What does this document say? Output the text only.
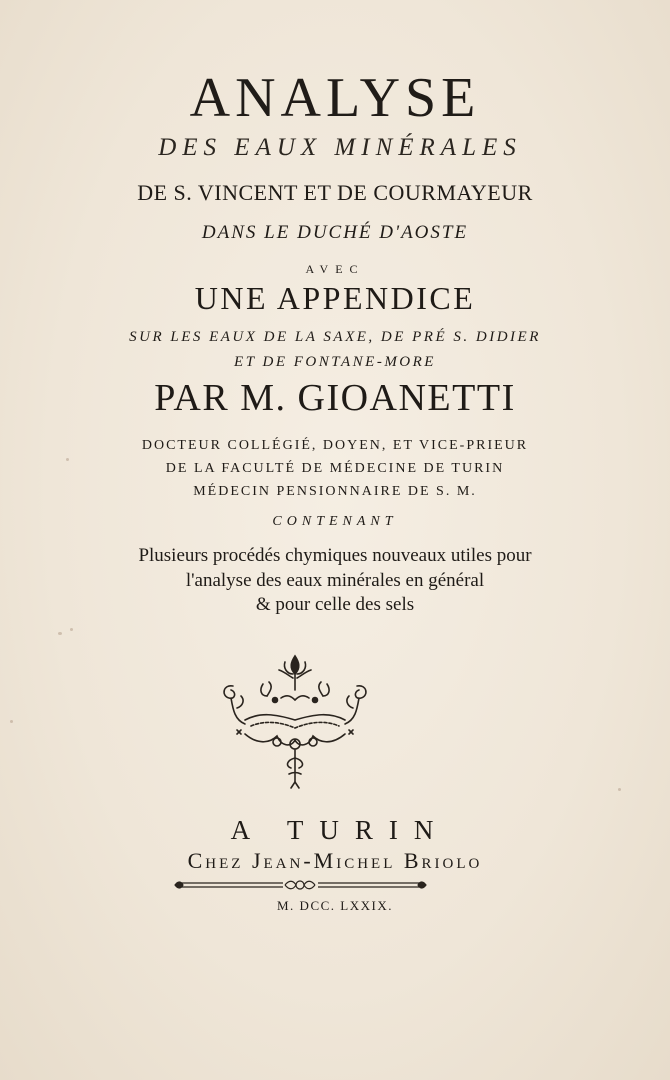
ANALYSE
DES EAUX MINÉRALES
DE S. VINCENT ET DE COURMAYEUR
DANS LE DUCHÉ D'AOSTE
AVEC
UNE APPENDICE
SUR LES EAUX DE LA SAXE, DE PRÉ S. DIDIER
ET DE FONTANE-MORE
PAR M. GIOANETTI
DOCTEUR COLLÉGIÉ, DOYEN, ET VICE-PRIEUR
DE LA FACULTÉ DE MÉDECINE DE TURIN
MÉDECIN PENSIONNAIRE DE S. M.
CONTENANT
Plusieurs procédés chymiques nouveaux utiles pour
l'analyse des eaux minérales en général
& pour celle des sels
A TURIN
Chez Jean-Michel Briolo
M. DCC. LXXIX.
